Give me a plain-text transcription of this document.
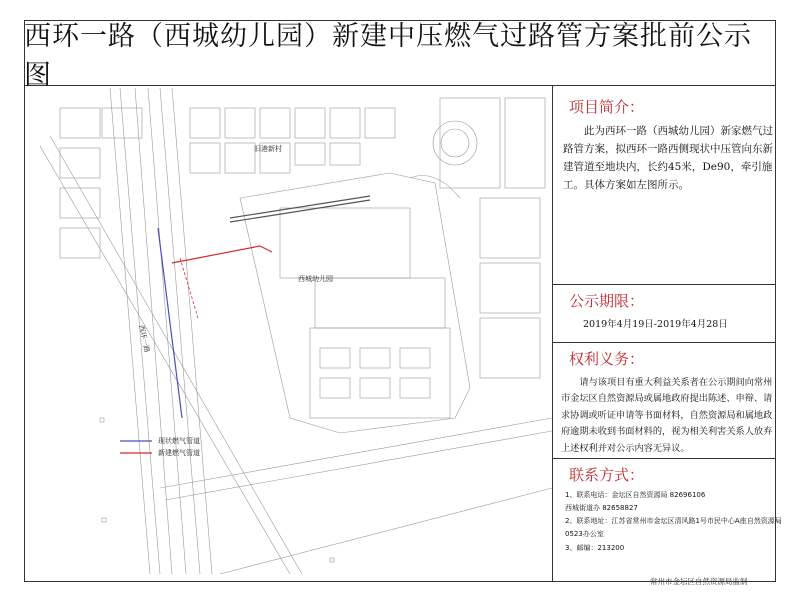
西环一路（西城幼儿园）新建中压燃气过路管方案批前公示图
旧港新村
西城幼儿园
西环一路
现状燃气管道
新建燃气管道
项目简介：
此为西环一路（西城幼儿园）新家燃气过路管方案，拟西环一路西侧现状中压管向东新建管道至地块内，长约45米，De90，牵引施工。具体方案如左图所示。
公示期限：
2019年4月19日-2019年4月28日
权利义务：
请与该项目有重大利益关系者在公示期间向常州市金坛区自然资源局或属地政府提出陈述、申辩、请求协调或听证申请等书面材料，自然资源局和属地政府逾期未收到书面材料的，视为相关利害关系人放弃上述权利并对公示内容无异议。
联系方式：
1、联系电话：金坛区自然资源局 82696106
西城街道办 82658827
2、联系地址：江苏省常州市金坛区清风路1号市民中心A座自然资源局
0523办公室
3、邮编：213200
常州市金坛区自然资源局监制
